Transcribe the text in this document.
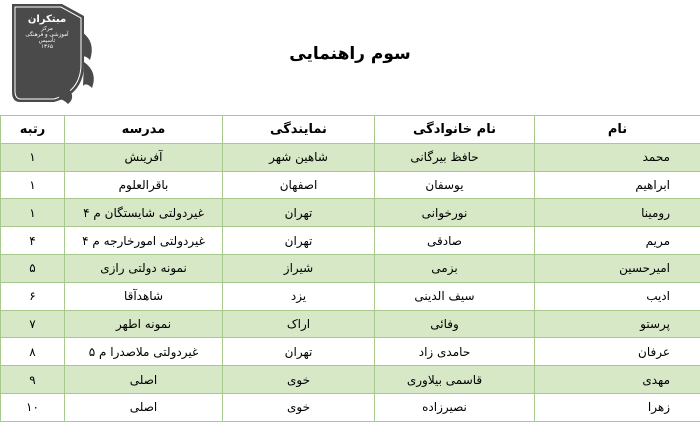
مبتکران
مرکز
آموزشی و فرهنگی
تأسیس
۱۳۶۵	سوم راهنمایی
نام	نام خانوادگی	نمایندگی	مدرسه	رتبه
محمد	حافظ بیرگانی	شاهین شهر	آفرینش	۱
ابراهیم	یوسفان	اصفهان	باقرالعلوم	۱
رومینا	نورخوانی	تهران	غیردولتی شایستگان م ۴	۱
مریم	صادقی	تهران	غیردولتی امورخارجه م ۴	۴
امیرحسین	بزمی	شیراز	نمونه دولتی رازی	۵
ادیب	سیف الدینی	یزد	شاهدآقا	۶
پرستو	وفائی	اراک	نمونه اطهر	۷
عرفان	حامدی زاد	تهران	غیردولتی ملاصدرا م ۵	۸
مهدی	قاسمی بیلاوری	خوی	اصلی	۹
زهرا	نصیرزاده	خوی	اصلی	۱۰
